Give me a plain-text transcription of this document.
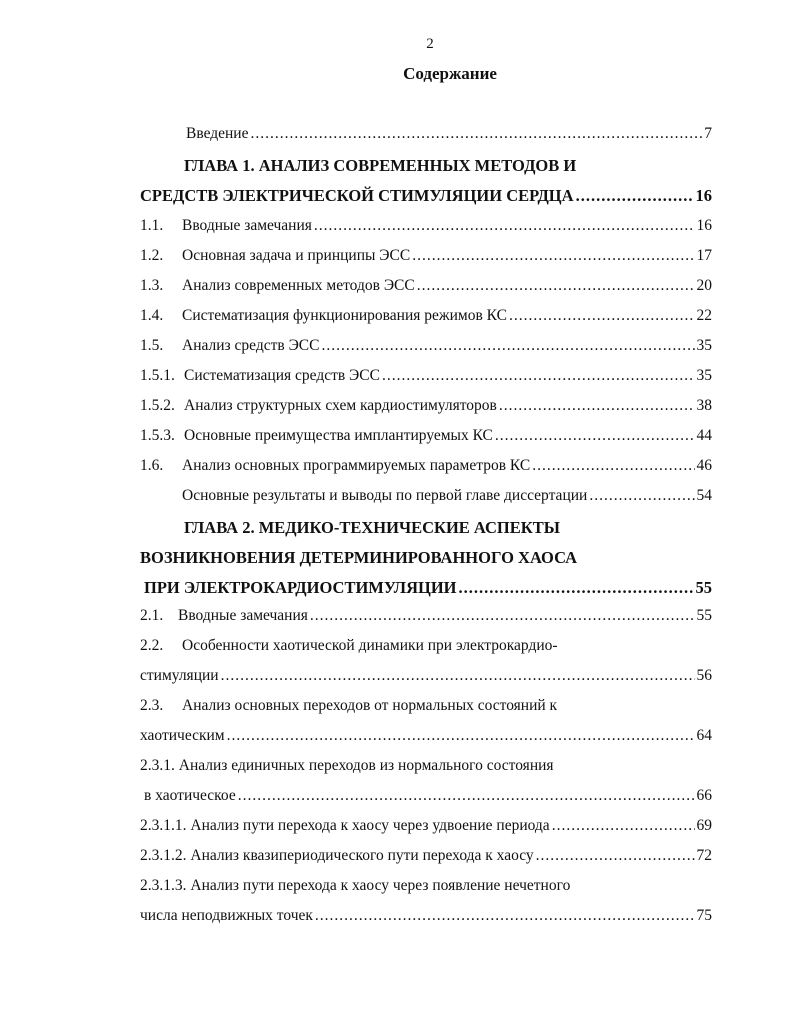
2
Содержание
Введение .....	7
ГЛАВА 1. АНАЛИЗ СОВРЕМЕННЫХ МЕТОДОВ И
СРЕДСТВ ЭЛЕКТРИЧЕСКОЙ СТИМУЛЯЦИИ СЕРДЦА .....	16
1.1.	Вводные замечания .....	16
1.2.	Основная задача и принципы ЭСС .....	17
1.3.	Анализ современных методов ЭСС .....	20
1.4.	Систематизация функционирования режимов КС .....	22
1.5.	Анализ средств ЭСС .....	35
1.5.1. Систематизация средств ЭСС .....	35
1.5.2. Анализ структурных схем кардиостимуляторов .....	38
1.5.3. Основные преимущества имплантируемых КС .....	44
1.6.	Анализ основных программируемых параметров КС .....	46
Основные результаты и выводы по первой главе диссертации .....	54
ГЛАВА 2. МЕДИКО-ТЕХНИЧЕСКИЕ АСПЕКТЫ
ВОЗНИКНОВЕНИЯ ДЕТЕРМИНИРОВАННОГО ХАОСА
ПРИ ЭЛЕКТРОКАРДИОСТИМУЛЯЦИИ .....	55
2.1. Вводные замечания .....	55
2.2. Особенности хаотической динамики при электрокардио-
стимуляции .....	56
2.3. Анализ основных переходов от нормальных состояний к
хаотическим .....	64
2.3.1. Анализ единичных переходов из нормального состояния
в хаотическое .....	66
2.3.1.1.
Анализ пути перехода к хаосу через удвоение периода .....	69
2.3.1.2.
Анализ квазипериодического пути перехода к хаосу .....	72
2.3.1.3. Анализ пути перехода к хаосу через появление нечетного
числа неподвижных точек .....	75
